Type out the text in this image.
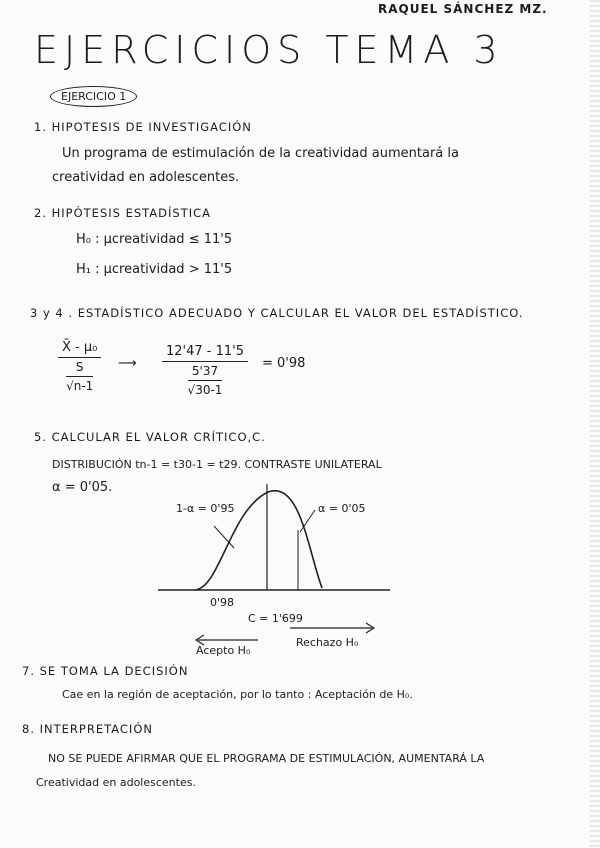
RAQUEL SÁNCHEZ MZ.
EJERCICIOS TEMA 3
EJERCICIO 1
1. HIPOTESIS DE INVESTIGACIÓN
Un programa de estimulación de la creatividad aumentará la
creatividad en adolescentes.
2. HIPÓTESIS ESTADÍSTICA
H₀ : μcreatividad ≤ 11'5
H₁ : μcreatividad > 11'5
3 y 4 . ESTADÍSTICO ADECUADO Y CALCULAR EL VALOR DEL ESTADÍSTICO.
$\frac{\text{X̄ - μ₀}}{\frac{S}{√n-1}}$ ⟶ $\frac{12'47 - 11'5}{\frac{5'37}{√30-1}} = 0'98$
5. CALCULAR EL VALOR CRÍTICO,C.
DISTRIBUCIÓN tn-1 = t30-1 = t29. CONTRASTE UNILATERAL
α = 0'05.
1-α = 0'95	α = 0'05
0'98
C = 1'699
Acepto H₀
Rechazo H₀
7. SE TOMA LA DECISIÓN
Cae en la región de aceptación, por lo tanto : Aceptación de H₀.
8. INTERPRETACIÓN
NO SE PUEDE AFIRMAR QUE EL PROGRAMA DE ESTIMULACIÓN, AUMENTARÁ LA
Creatividad en adolescentes.
